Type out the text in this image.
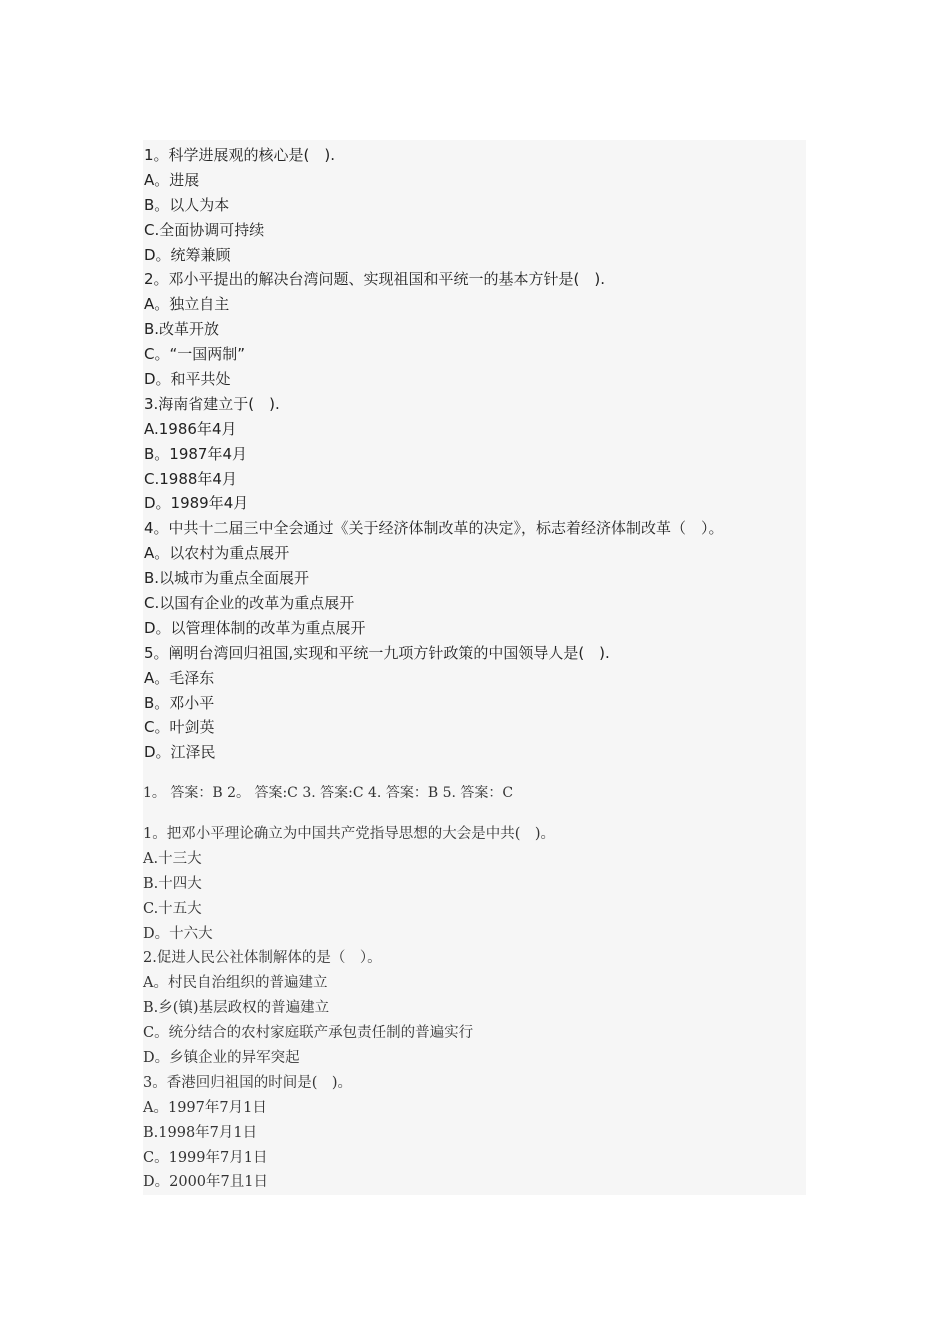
1。科学进展观的核心是(　).
A。进展
B。以人为本
C.全面协调可持续
D。统筹兼顾
2。邓小平提出的解决台湾问题、实现祖国和平统一的基本方针是(　).
A。独立自主
B.改革开放
C。“一国两制”
D。和平共处
3.海南省建立于(　).
A.1986年4月
B。1987年4月
C.1988年4月
D。1989年4月
4。中共十二届三中全会通过《关于经济体制改革的决定》，标志着经济体制改革（　）。
A。以农村为重点展开
B.以城市为重点全面展开
C.以国有企业的改革为重点展开
D。以管理体制的改革为重点展开
5。阐明台湾回归祖国,实现和平统一九项方针政策的中国领导人是(　).
A。毛泽东
B。邓小平
C。叶剑英
D。江泽民
1。 答案：B 2。 答案:C 3. 答案:C 4. 答案：B 5. 答案：C
1。把邓小平理论确立为中国共产党指导思想的大会是中共(　)。
A.十三大
B.十四大
C.十五大
D。十六大
2.促进人民公社体制解体的是（　）。
A。村民自治组织的普遍建立
B.乡(镇)基层政权的普遍建立
C。统分结合的农村家庭联产承包责任制的普遍实行
D。乡镇企业的异军突起
3。香港回归祖国的时间是(　)。
A。1997年7月1日
B.1998年7月1日
C。1999年7月1日
D。2000年7且1日
